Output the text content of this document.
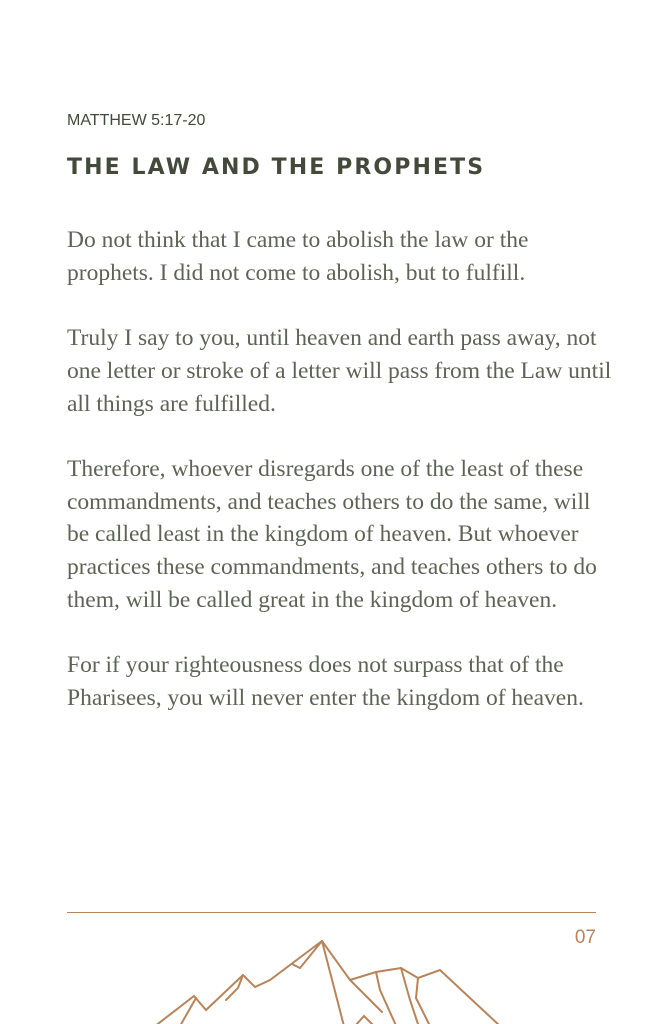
MATTHEW 5:17-20
THE LAW AND THE PROPHETS

Do not think that I came to abolish the law or the prophets. I did not come to abolish, but to fulfill.

Truly I say to you, until heaven and earth pass away, not one letter or stroke of a letter will pass from the Law until all things are fulfilled.

Therefore, whoever disregards one of the least of these commandments, and teaches others to do the same, will be called least in the kingdom of heaven. But whoever practices these commandments, and teaches others to do them, will be called great in the kingdom of heaven.

For if your righteousness does not surpass that of the Pharisees, you will never enter the kingdom of heaven.

07
